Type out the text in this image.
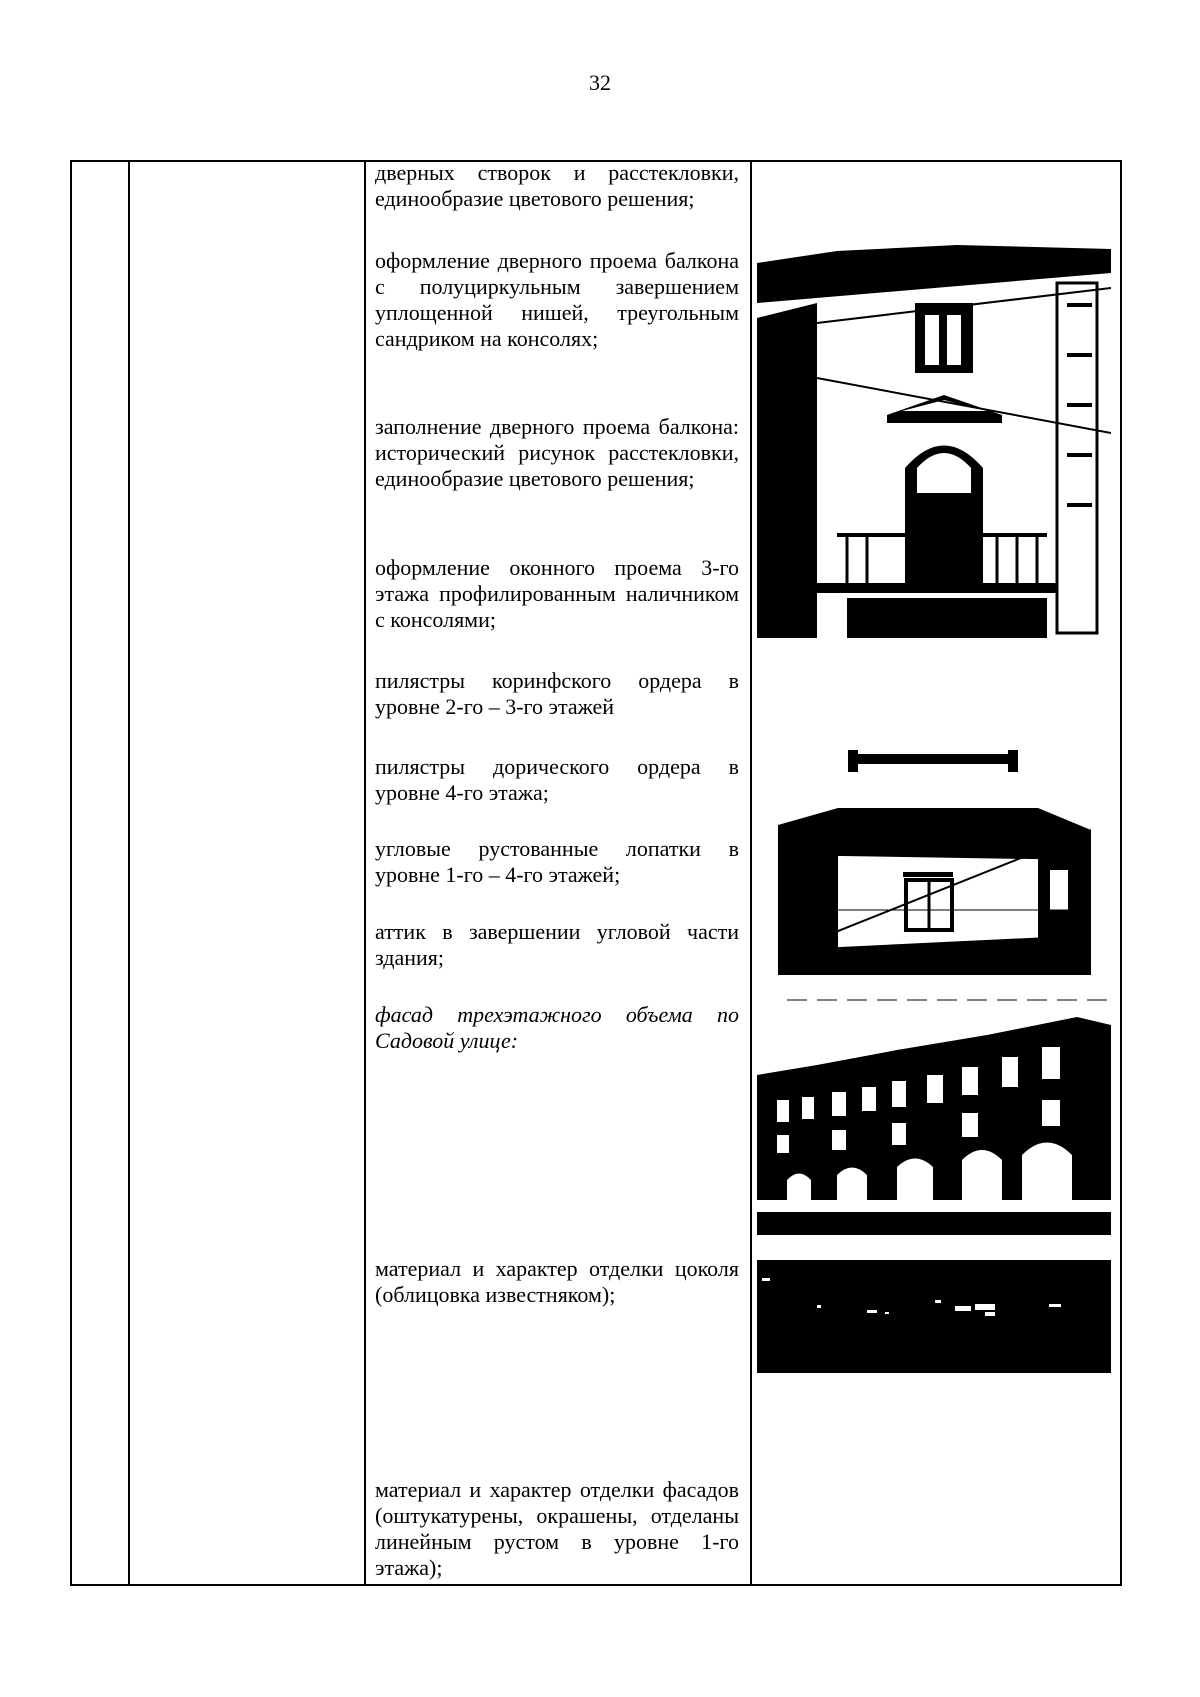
32
дверных створок и расстекловки, единообразие цветового решения;
оформление дверного проема балкона с полуциркульным завершением уплощенной нишей, треугольным сандриком на консолях;
заполнение дверного проема балкона: исторический рисунок расстекловки, единообразие цветового решения;
оформление оконного проема 3-го этажа профилированным наличником с консолями;
пилястры коринфского ордера в уровне 2-го – 3-го этажей
пилястры дорического ордера в уровне 4-го этажа;
угловые рустованные лопатки в уровне 1-го – 4-го этажей;
аттик в завершении угловой части здания;
фасад трехэтажного объема по Садовой улице:
материал и характер отделки цоколя (облицовка известняком);
материал и характер отделки фасадов (оштукатурены, окрашены, отделаны линейным рустом в уровне 1-го этажа);
